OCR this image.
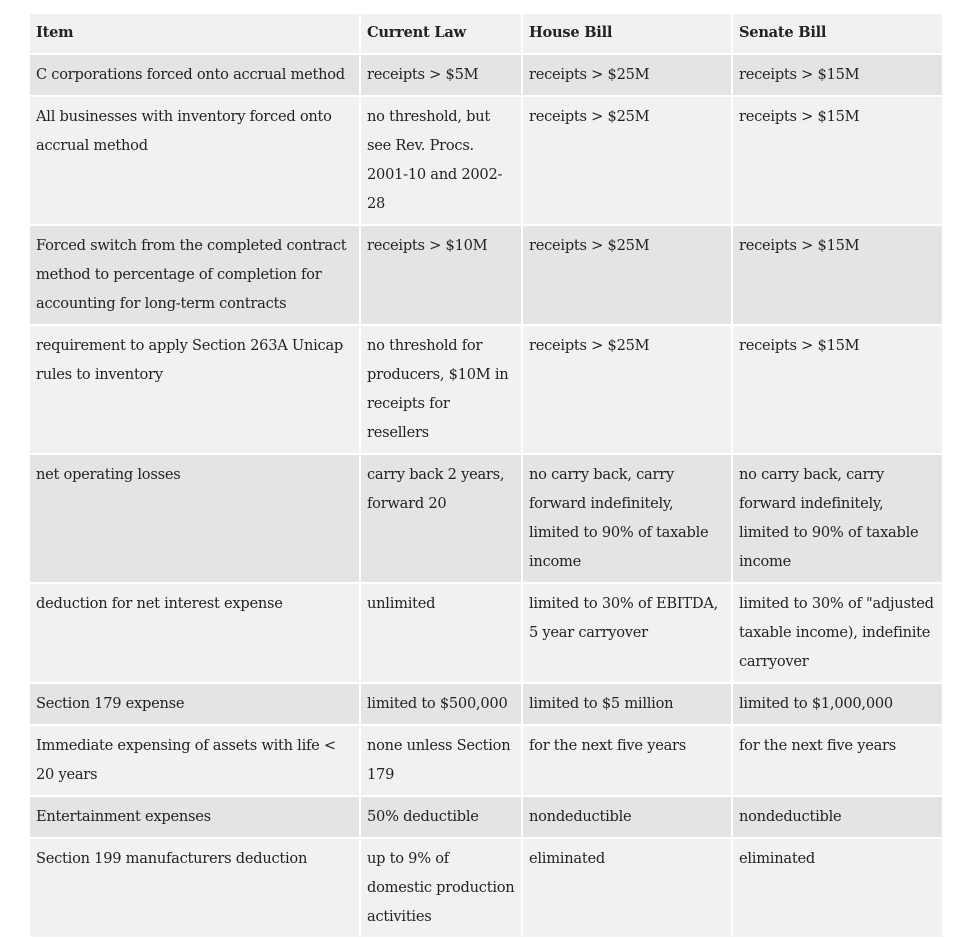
Item	Current Law	House Bill	Senate Bill
C corporations forced onto accrual method	receipts > $5M	receipts > $25M	receipts > $15M
All businesses with inventory forced onto accrual method	no threshold, but see Rev. Procs. 2001-10 and 2002-28	receipts > $25M	receipts > $15M
Forced switch from the completed contract method to percentage of completion for accounting for long-term contracts	receipts > $10M	receipts > $25M	receipts > $15M
requirement to apply Section 263A Unicap rules to inventory	no threshold for producers, $10M in receipts for resellers	receipts > $25M	receipts > $15M
net operating losses	carry back 2 years, forward 20	no carry back, carry forward indefinitely, limited to 90% of taxable income	no carry back, carry forward indefinitely, limited to 90% of taxable income
deduction for net interest expense	unlimited	limited to 30% of EBITDA, 5 year carryover	limited to 30% of "adjusted taxable income), indefinite carryover
Section 179 expense	limited to $500,000	limited to $5 million	limited to $1,000,000
Immediate expensing of assets with life < 20 years	none unless Section 179	for the next five years	for the next five years
Entertainment expenses	50% deductible	nondeductible	nondeductible
Section 199 manufacturers deduction	up to 9% of domestic production activities	eliminated	eliminated
